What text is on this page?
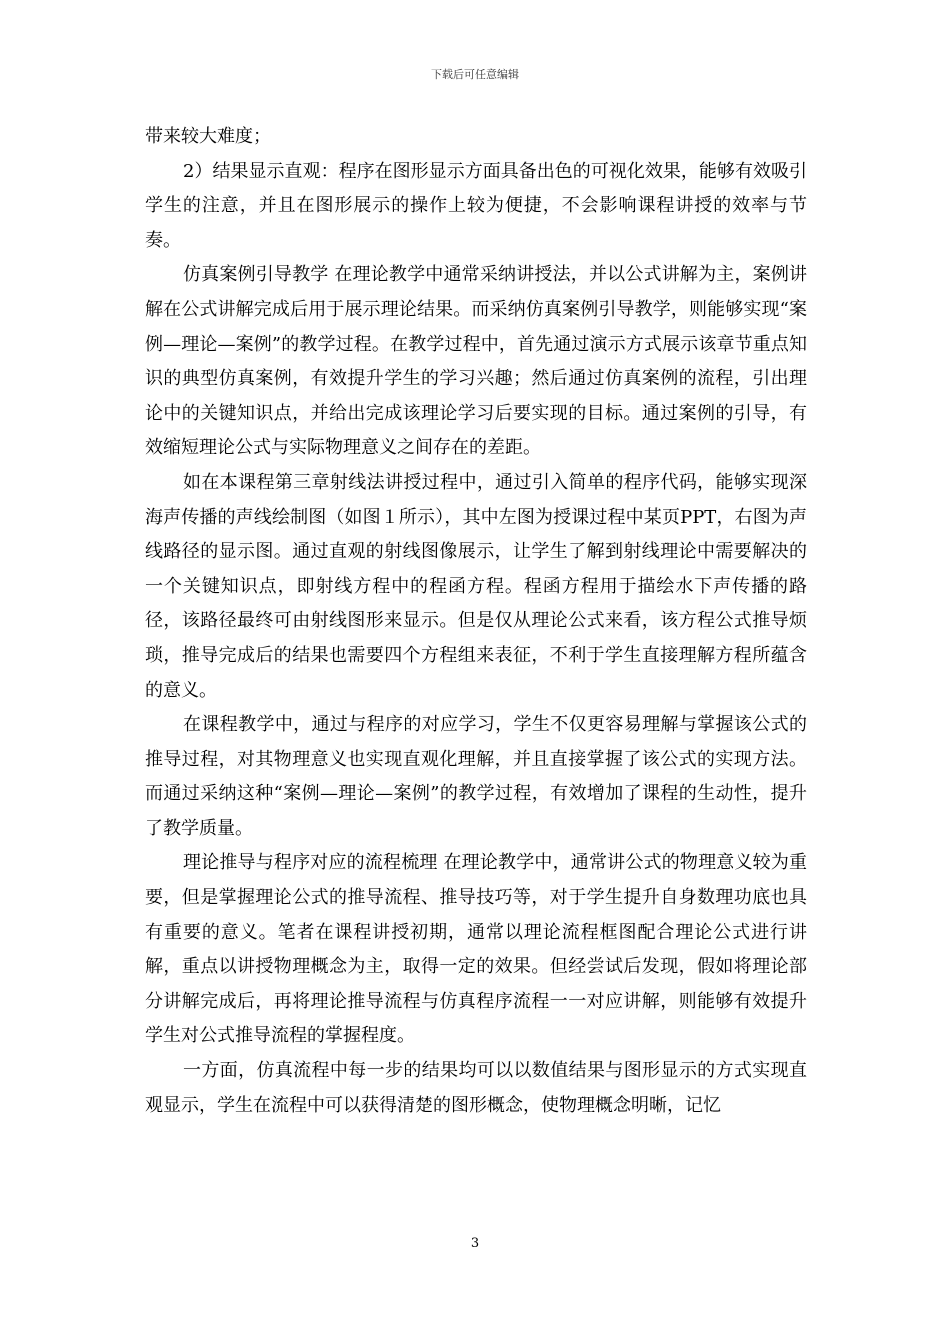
下载后可任意编辑

带来较大难度；

2）结果显示直观：程序在图形显示方面具备出色的可视化效果，能够有效吸引学生的注意，并且在图形展示的操作上较为便捷，不会影响课程讲授的效率与节奏。

仿真案例引导教学 在理论教学中通常采纳讲授法，并以公式讲解为主，案例讲解在公式讲解完成后用于展示理论结果。而采纳仿真案例引导教学，则能够实现“案例—理论—案例”的教学过程。在教学过程中，首先通过演示方式展示该章节重点知识的典型仿真案例，有效提升学生的学习兴趣；然后通过仿真案例的流程，引出理论中的关键知识点，并给出完成该理论学习后要实现的目标。通过案例的引导，有效缩短理论公式与实际物理意义之间存在的差距。

如在本课程第三章射线法讲授过程中，通过引入简单的程序代码，能够实现深海声传播的声线绘制图（如图１所示），其中左图为授课过程中某页PPT，右图为声线路径的显示图。通过直观的射线图像展示，让学生了解到射线理论中需要解决的一个关键知识点，即射线方程中的程函方程。程函方程用于描绘水下声传播的路径，该路径最终可由射线图形来显示。但是仅从理论公式来看，该方程公式推导烦琐，推导完成后的结果也需要四个方程组来表征，不利于学生直接理解方程所蕴含的意义。

在课程教学中，通过与程序的对应学习，学生不仅更容易理解与掌握该公式的推导过程，对其物理意义也实现直观化理解，并且直接掌握了该公式的实现方法。而通过采纳这种“案例—理论—案例”的教学过程，有效增加了课程的生动性，提升了教学质量。

理论推导与程序对应的流程梳理 在理论教学中，通常讲公式的物理意义较为重要，但是掌握理论公式的推导流程、推导技巧等，对于学生提升自身数理功底也具有重要的意义。笔者在课程讲授初期，通常以理论流程框图配合理论公式进行讲解，重点以讲授物理概念为主，取得一定的效果。但经尝试后发现，假如将理论部分讲解完成后，再将理论推导流程与仿真程序流程一一对应讲解，则能够有效提升学生对公式推导流程的掌握程度。

一方面，仿真流程中每一步的结果均可以以数值结果与图形显示的方式实现直观显示，学生在流程中可以获得清楚的图形概念，使物理概念明晰，记忆

3
